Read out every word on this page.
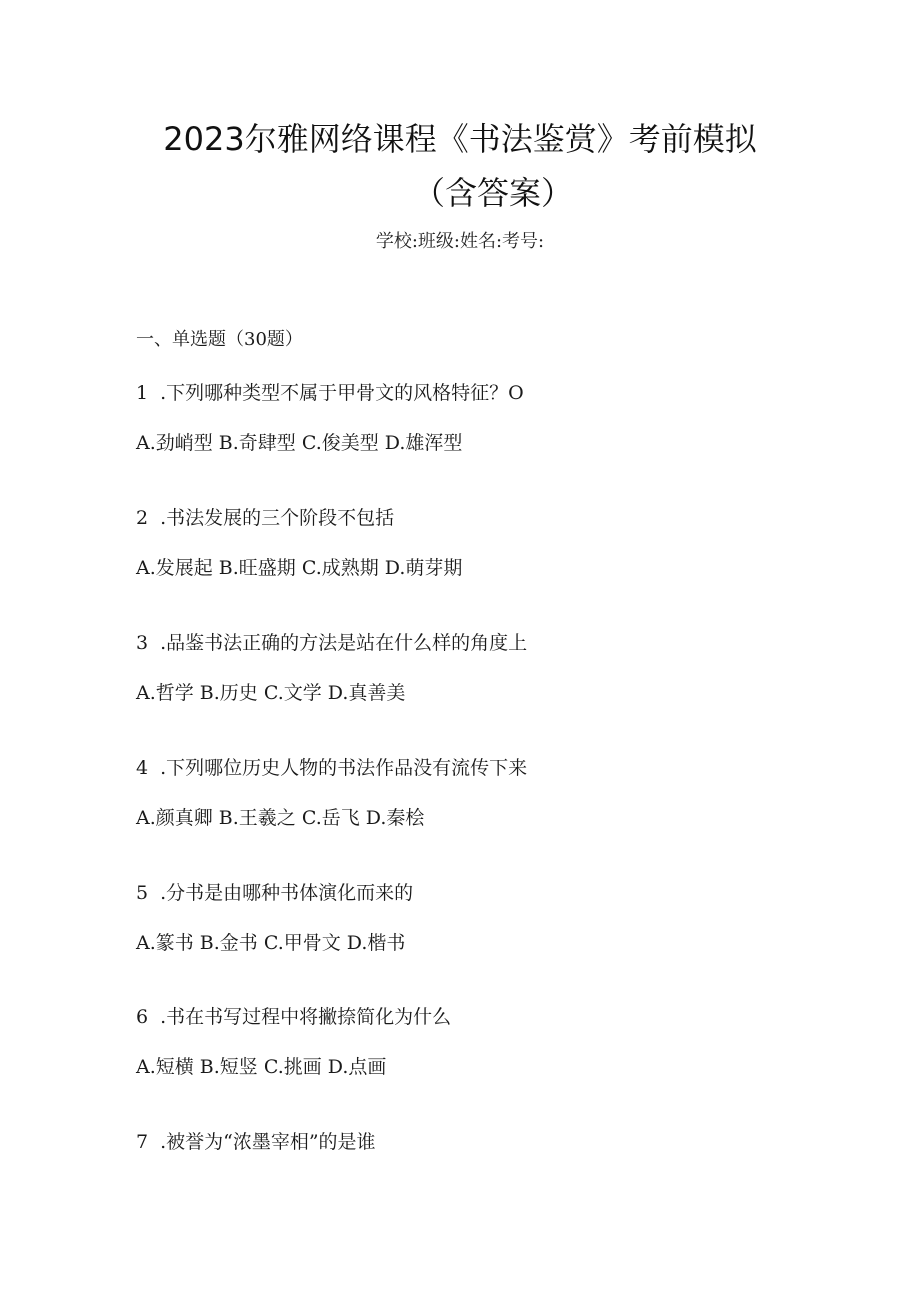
2023尔雅网络课程《书法鉴赏》考前模拟
（含答案）
学校:班级:姓名:考号:
一、单选题（30题）
1 .下列哪种类型不属于甲骨文的风格特征？O
A.劲峭型 B.奇肆型 C.俊美型 D.雄浑型
2 .书法发展的三个阶段不包括
A.发展起 B.旺盛期 C.成熟期 D.萌芽期
3 .品鉴书法正确的方法是站在什么样的角度上
A.哲学 B.历史 C.文学 D.真善美
4 .下列哪位历史人物的书法作品没有流传下来
A.颜真卿 B.王羲之 C.岳飞 D.秦桧
5 .分书是由哪种书体演化而来的
A.篆书 B.金书 C.甲骨文 D.楷书
6 .书在书写过程中将撇捺简化为什么
A.短横 B.短竖 C.挑画 D.点画
7 .被誉为“浓墨宰相”的是谁
